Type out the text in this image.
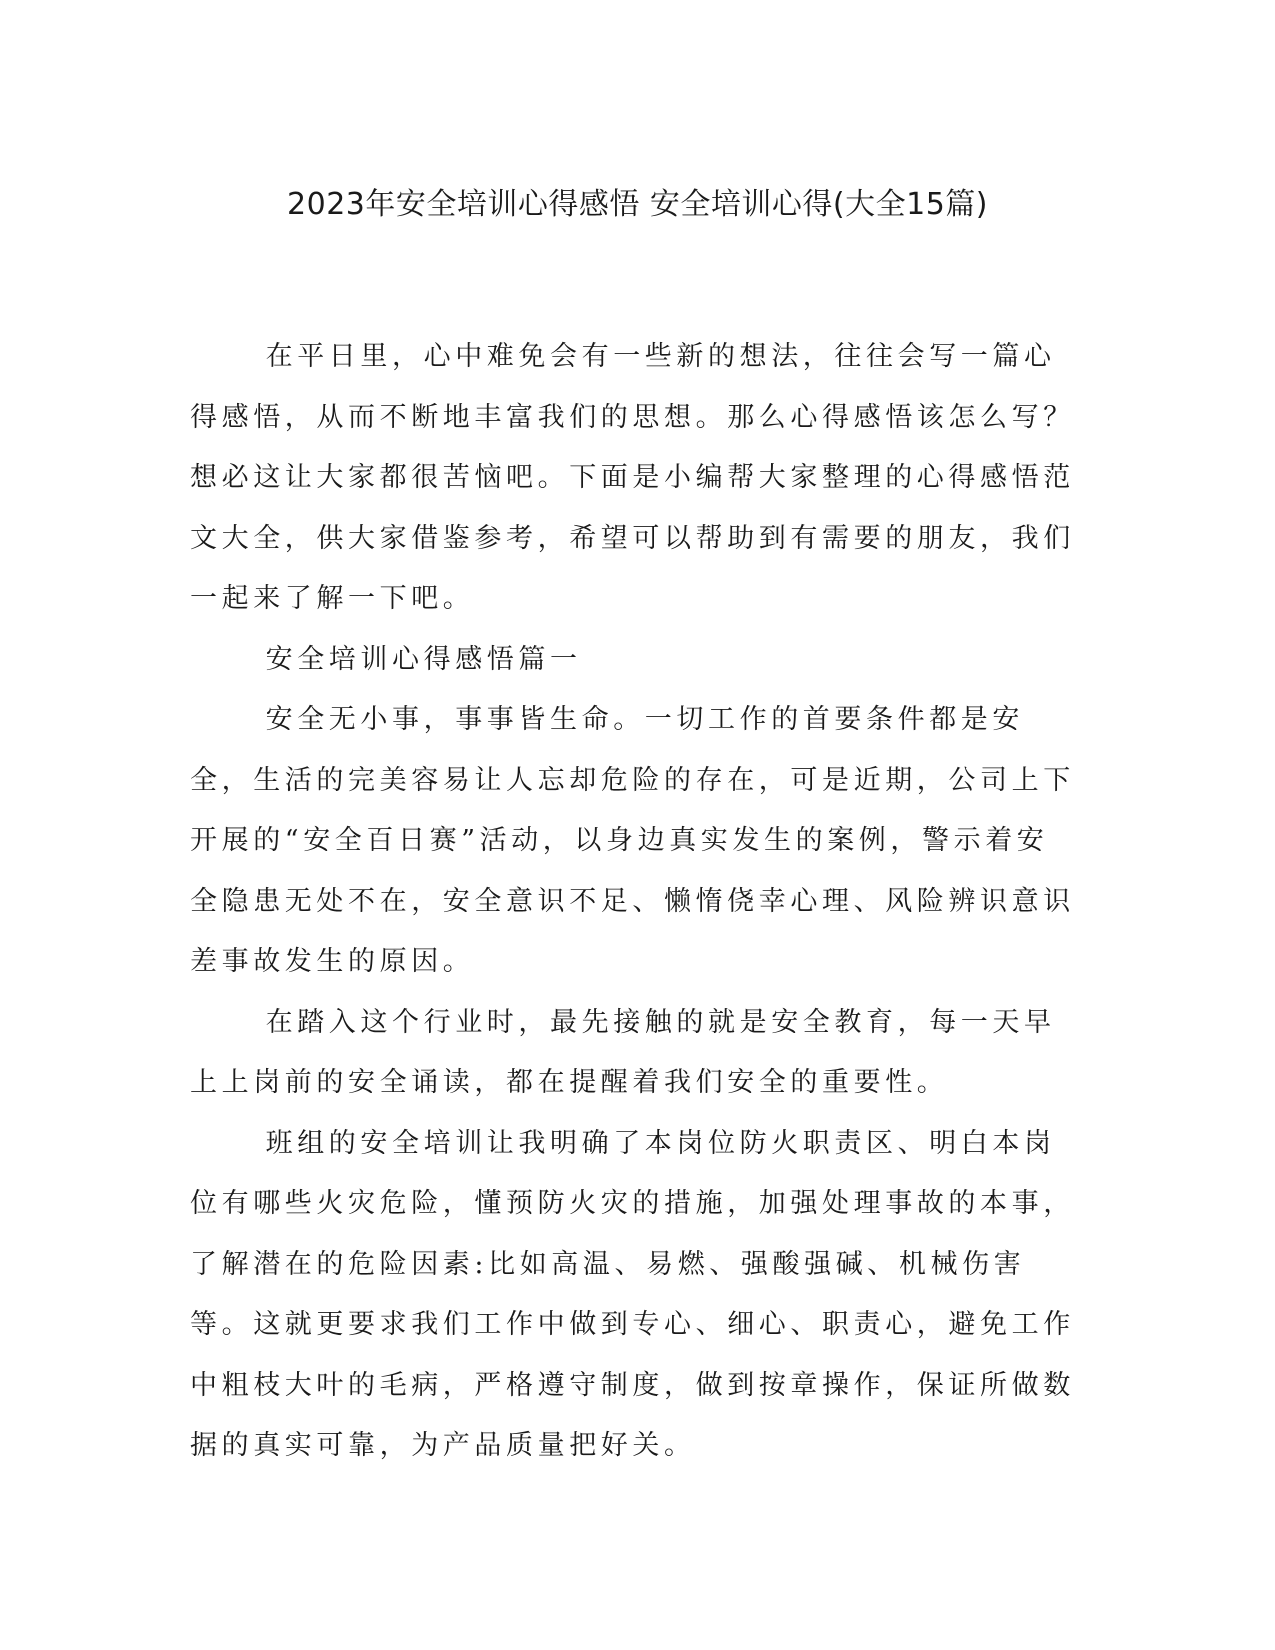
2023年安全培训心得感悟 安全培训心得(大全15篇)

在平日里，心中难免会有一些新的想法，往往会写一篇心得感悟，从而不断地丰富我们的思想。那么心得感悟该怎么写？想必这让大家都很苦恼吧。下面是小编帮大家整理的心得感悟范文大全，供大家借鉴参考，希望可以帮助到有需要的朋友，我们一起来了解一下吧。

安全培训心得感悟篇一

安全无小事，事事皆生命。一切工作的首要条件都是安全，生活的完美容易让人忘却危险的存在，可是近期，公司上下开展的“安全百日赛”活动，以身边真实发生的案例，警示着安全隐患无处不在，安全意识不足、懒惰侥幸心理、风险辨识意识差事故发生的原因。

在踏入这个行业时，最先接触的就是安全教育，每一天早上上岗前的安全诵读，都在提醒着我们安全的重要性。

班组的安全培训让我明确了本岗位防火职责区、明白本岗位有哪些火灾危险，懂预防火灾的措施，加强处理事故的本事，了解潜在的危险因素:比如高温、易燃、强酸强碱、机械伤害等。这就更要求我们工作中做到专心、细心、职责心，避免工作中粗枝大叶的毛病，严格遵守制度，做到按章操作，保证所做数据的真实可靠，为产品质量把好关。
